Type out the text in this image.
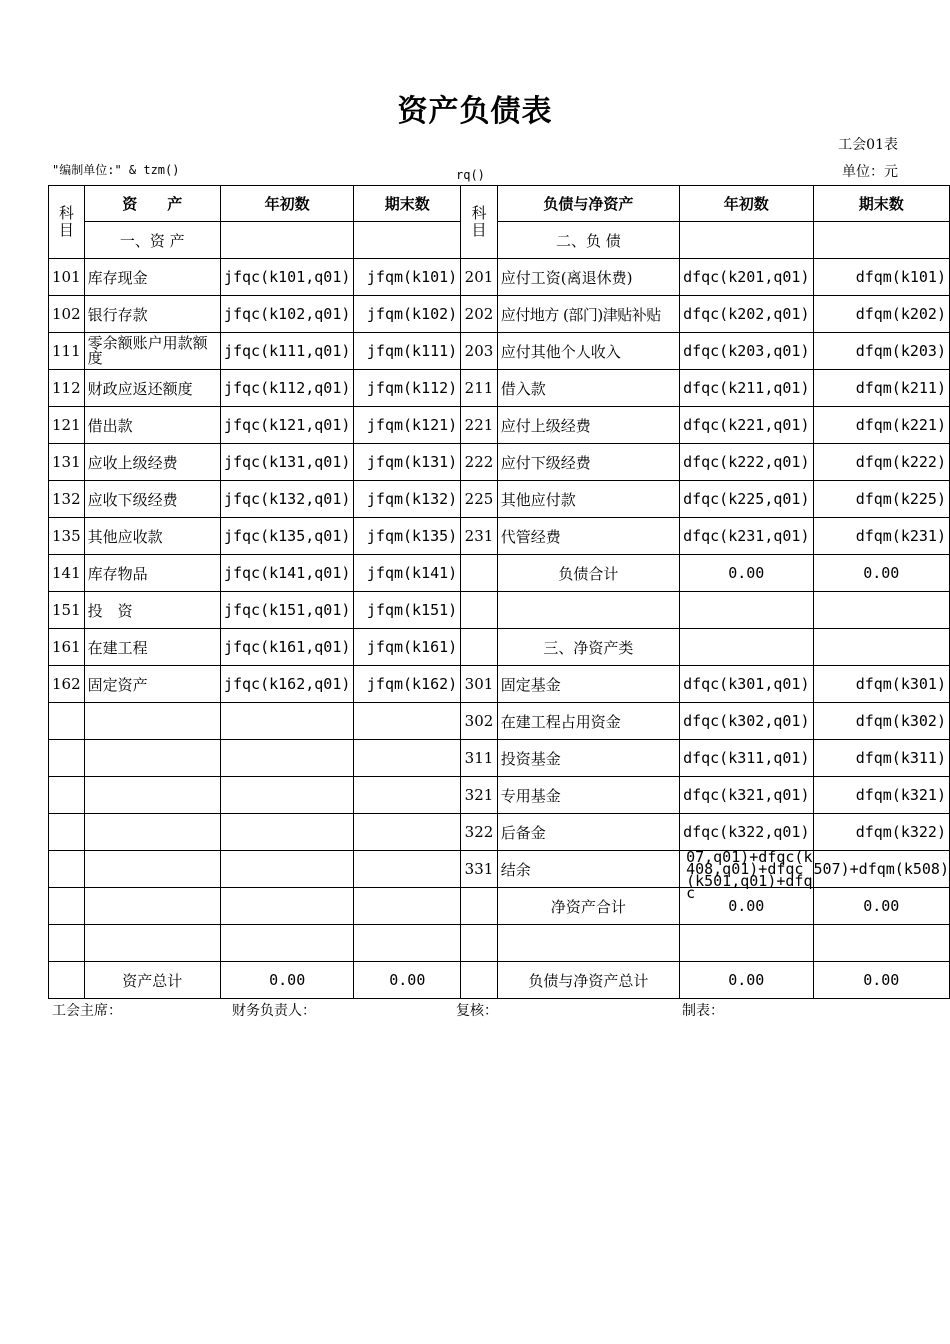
资产负债表
工会01表
"编制单位:" & tzm()	rq()	单位：元
科目	资　　产	年初数	期末数	科目	负债与净资产	年初数	期末数
	一、资 产				二、负 债		
101	库存现金	jfqc(k101,q01)	jfqm(k101)	201	应付工资(离退休费)	dfqc(k201,q01)	dfqm(k101)
102	银行存款	jfqc(k102,q01)	jfqm(k102)	202	应付地方 (部门)津贴补贴	dfqc(k202,q01)	dfqm(k202)
111	零余额账户用款额度	jfqc(k111,q01)	jfqm(k111)	203	应付其他个人收入	dfqc(k203,q01)	dfqm(k203)
112	财政应返还额度	jfqc(k112,q01)	jfqm(k112)	211	借入款	dfqc(k211,q01)	dfqm(k211)
121	借出款	jfqc(k121,q01)	jfqm(k121)	221	应付上级经费	dfqc(k221,q01)	dfqm(k221)
131	应收上级经费	jfqc(k131,q01)	jfqm(k131)	222	应付下级经费	dfqc(k222,q01)	dfqm(k222)
132	应收下级经费	jfqc(k132,q01)	jfqm(k132)	225	其他应付款	dfqc(k225,q01)	dfqm(k225)
135	其他应收款	jfqc(k135,q01)	jfqm(k135)	231	代管经费	dfqc(k231,q01)	dfqm(k231)
141	库存物品	jfqc(k141,q01)	jfqm(k141)		负债合计	0.00	0.00
151	投　资	jfqc(k151,q01)	jfqm(k151)				
161	在建工程	jfqc(k161,q01)	jfqm(k161)		三、净资产类		
162	固定资产	jfqc(k162,q01)	jfqm(k162)	301	固定基金	dfqc(k301,q01)	dfqm(k301)
				302	在建工程占用资金	dfqc(k302,q01)	dfqm(k302)
				311	投资基金	dfqc(k311,q01)	dfqm(k311)
				321	专用基金	dfqc(k321,q01)	dfqm(k321)
				322	后备金	dfqc(k322,q01)	dfqm(k322)
				331	结余	07,q01)+dfqc(k408,q01)+dfqc(k501,q01)+dfqc	507)+dfqm(k508)
					净资产合计	0.00	0.00

	资产总计	0.00	0.00		负债与净资产总计	0.00	0.00
工会主席：	财务负责人：	复核：	制表：
